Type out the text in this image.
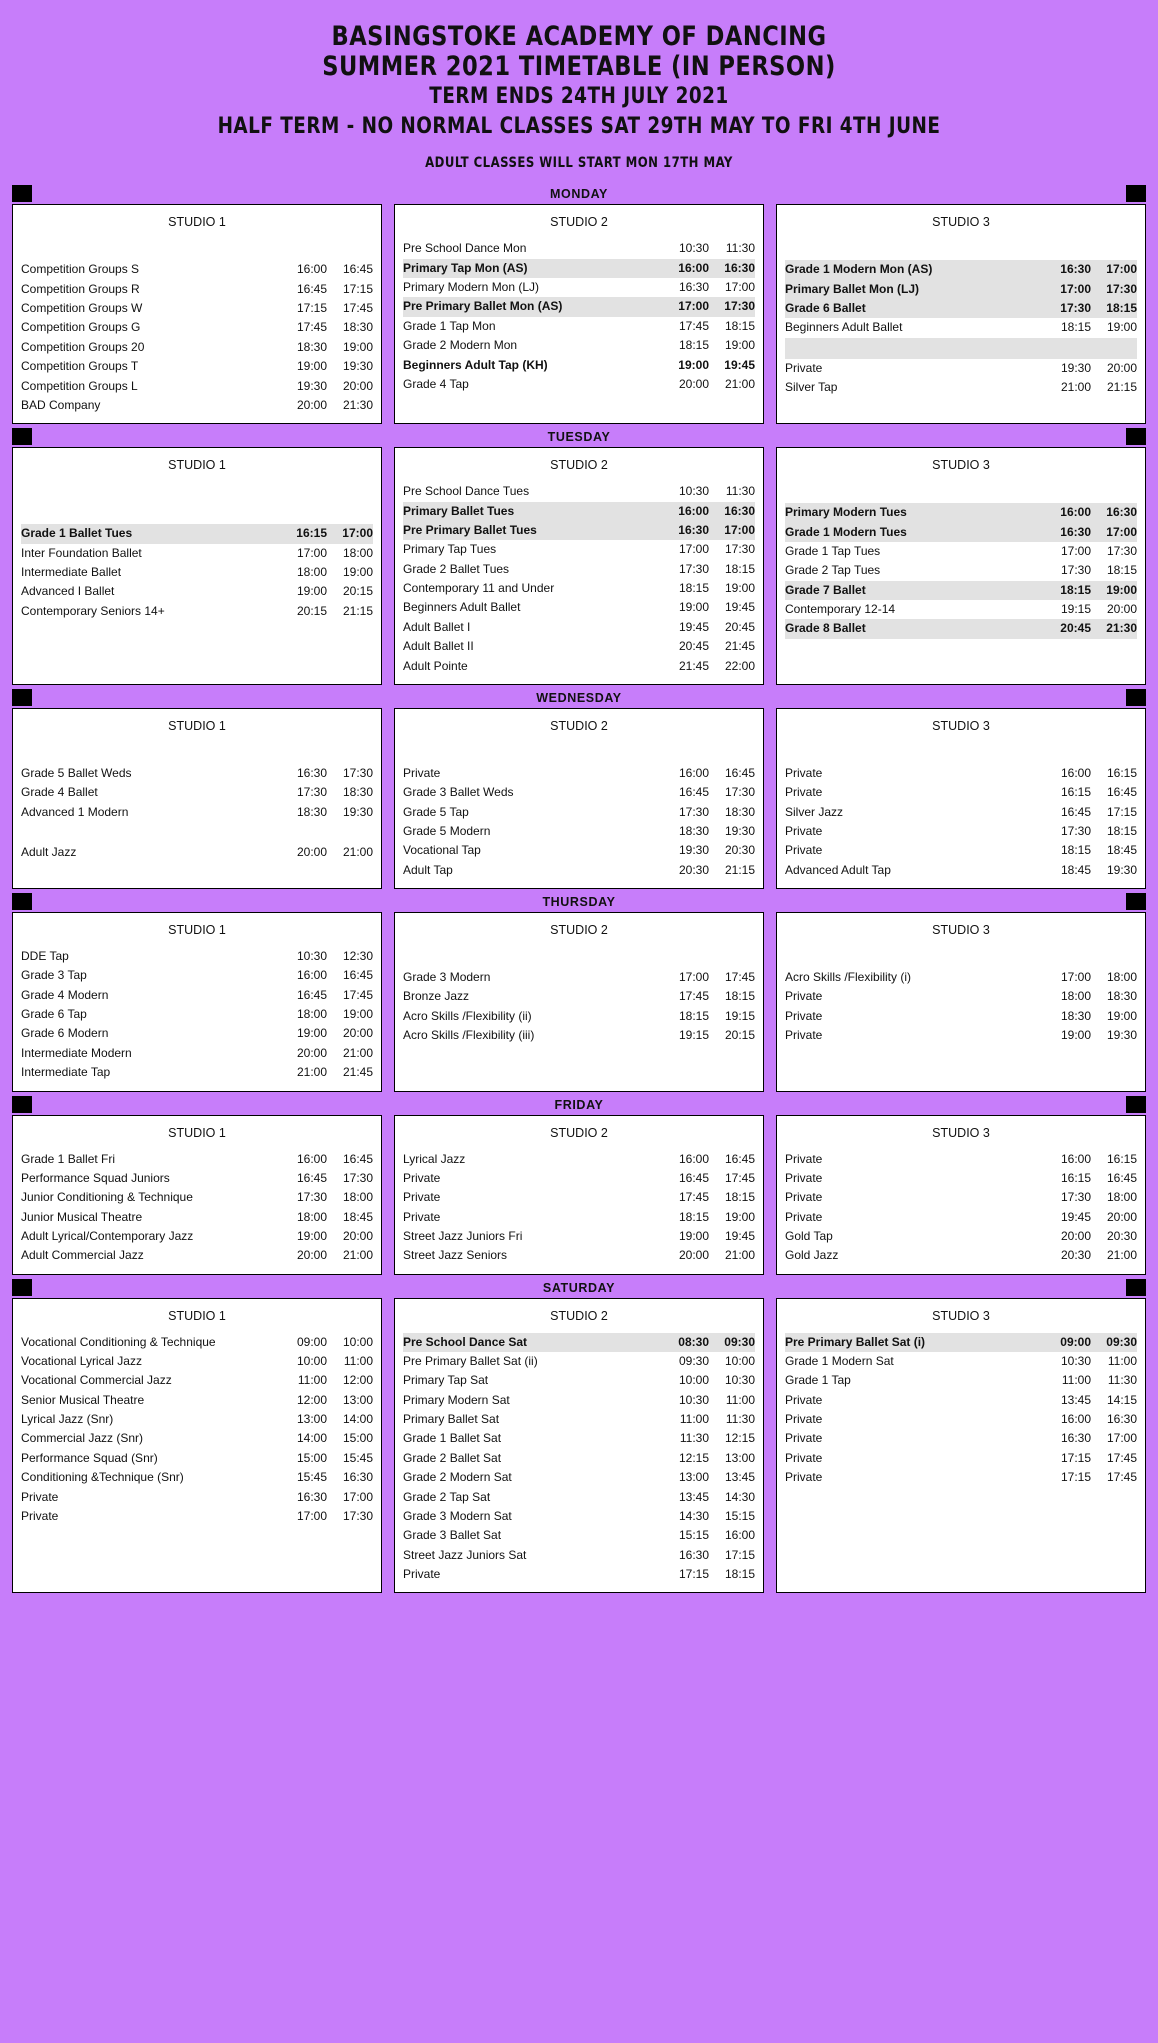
BASINGSTOKE ACADEMY OF DANCING
SUMMER 2021 TIMETABLE (IN PERSON)
TERM ENDS 24TH JULY 2021
HALF TERM - NO NORMAL CLASSES SAT 29TH MAY TO FRI 4TH JUNE
ADULT CLASSES WILL START MON 17TH MAY
MONDAY
STUDIO 1

Competition Groups S	16:00	16:45
Competition Groups R	16:45	17:15
Competition Groups W	17:15	17:45
Competition Groups G	17:45	18:30
Competition Groups 20	18:30	19:00
Competition Groups T	19:00	19:30
Competition Groups L	19:30	20:00
BAD Company	20:00	21:30
STUDIO 2
Pre School Dance Mon	10:30	11:30
Primary Tap Mon (AS)	16:00	16:30
Primary Modern Mon (LJ)	16:30	17:00
Pre Primary Ballet Mon (AS)	17:00	17:30
Grade 1 Tap Mon	17:45	18:15
Grade 2 Modern Mon	18:15	19:00
Beginners Adult Tap (KH)	19:00	19:45
Grade 4 Tap	20:00	21:00
STUDIO 3

Grade 1 Modern Mon (AS)	16:30	17:00
Primary Ballet Mon (LJ)	17:00	17:30
Grade 6 Ballet	17:30	18:15
Beginners Adult Ballet	18:15	19:00

Private	19:30	20:00
Silver Tap	21:00	21:15
TUESDAY
STUDIO 1

Grade 1 Ballet Tues	16:15	17:00
Inter Foundation Ballet	17:00	18:00
Intermediate Ballet	18:00	19:00
Advanced I Ballet	19:00	20:15
Contemporary Seniors 14+	20:15	21:15
STUDIO 2
Pre School Dance Tues	10:30	11:30
Primary Ballet Tues	16:00	16:30
Pre Primary Ballet Tues	16:30	17:00
Primary Tap Tues	17:00	17:30
Grade 2 Ballet Tues	17:30	18:15
Contemporary 11 and Under	18:15	19:00
Beginners Adult Ballet	19:00	19:45
Adult Ballet I	19:45	20:45
Adult Ballet II	20:45	21:45
Adult Pointe	21:45	22:00
STUDIO 3

Primary Modern Tues	16:00	16:30
Grade 1 Modern Tues	16:30	17:00
Grade 1 Tap Tues	17:00	17:30
Grade 2 Tap Tues	17:30	18:15
Grade 7 Ballet	18:15	19:00
Contemporary 12-14	19:15	20:00
Grade 8 Ballet	20:45	21:30
WEDNESDAY
STUDIO 1

Grade 5 Ballet Weds	16:30	17:30
Grade 4 Ballet	17:30	18:30
Advanced 1 Modern	18:30	19:30

Adult Jazz	20:00	21:00
STUDIO 2

Private	16:00	16:45
Grade 3 Ballet Weds	16:45	17:30
Grade 5 Tap	17:30	18:30
Grade 5 Modern	18:30	19:30
Vocational Tap	19:30	20:30
Adult Tap	20:30	21:15
STUDIO 3

Private	16:00	16:15
Private	16:15	16:45
Silver Jazz	16:45	17:15
Private	17:30	18:15
Private	18:15	18:45
Advanced Adult Tap	18:45	19:30
THURSDAY
STUDIO 1
DDE Tap	10:30	12:30
Grade 3 Tap	16:00	16:45
Grade 4 Modern	16:45	17:45
Grade 6 Tap	18:00	19:00
Grade 6 Modern	19:00	20:00
Intermediate Modern	20:00	21:00
Intermediate Tap	21:00	21:45
STUDIO 2

Grade 3 Modern	17:00	17:45
Bronze Jazz	17:45	18:15
Acro Skills /Flexibility (ii)	18:15	19:15
Acro Skills /Flexibility (iii)	19:15	20:15
STUDIO 3

Acro Skills /Flexibility (i)	17:00	18:00
Private	18:00	18:30
Private	18:30	19:00
Private	19:00	19:30
FRIDAY
STUDIO 1
Grade 1 Ballet Fri	16:00	16:45
Performance Squad Juniors	16:45	17:30
Junior Conditioning & Technique	17:30	18:00
Junior Musical Theatre	18:00	18:45
Adult Lyrical/Contemporary Jazz	19:00	20:00
Adult Commercial Jazz	20:00	21:00
STUDIO 2
Lyrical Jazz	16:00	16:45
Private	16:45	17:45
Private	17:45	18:15
Private	18:15	19:00
Street Jazz Juniors Fri	19:00	19:45
Street Jazz Seniors	20:00	21:00
STUDIO 3
Private	16:00	16:15
Private	16:15	16:45
Private	17:30	18:00
Private	19:45	20:00
Gold Tap	20:00	20:30
Gold Jazz	20:30	21:00
SATURDAY
STUDIO 1
Vocational Conditioning & Technique	09:00	10:00
Vocational Lyrical Jazz	10:00	11:00
Vocational Commercial Jazz	11:00	12:00
Senior Musical Theatre	12:00	13:00
Lyrical Jazz (Snr)	13:00	14:00
Commercial Jazz (Snr)	14:00	15:00
Performance Squad (Snr)	15:00	15:45
Conditioning &Technique (Snr)	15:45	16:30
Private	16:30	17:00
Private	17:00	17:30
STUDIO 2
Pre School Dance Sat	08:30	09:30
Pre Primary Ballet Sat (ii)	09:30	10:00
Primary Tap Sat	10:00	10:30
Primary Modern Sat	10:30	11:00
Primary Ballet Sat	11:00	11:30
Grade 1 Ballet Sat	11:30	12:15
Grade 2 Ballet Sat	12:15	13:00
Grade 2 Modern Sat	13:00	13:45
Grade 2 Tap Sat	13:45	14:30
Grade 3 Modern Sat	14:30	15:15
Grade 3 Ballet Sat	15:15	16:00
Street Jazz Juniors Sat	16:30	17:15
Private	17:15	18:15
STUDIO 3
Pre Primary Ballet Sat (i)	09:00	09:30
Grade 1 Modern Sat	10:30	11:00
Grade 1 Tap	11:00	11:30
Private	13:45	14:15
Private	16:00	16:30
Private	16:30	17:00
Private	17:15	17:45
Private	17:15	17:45
